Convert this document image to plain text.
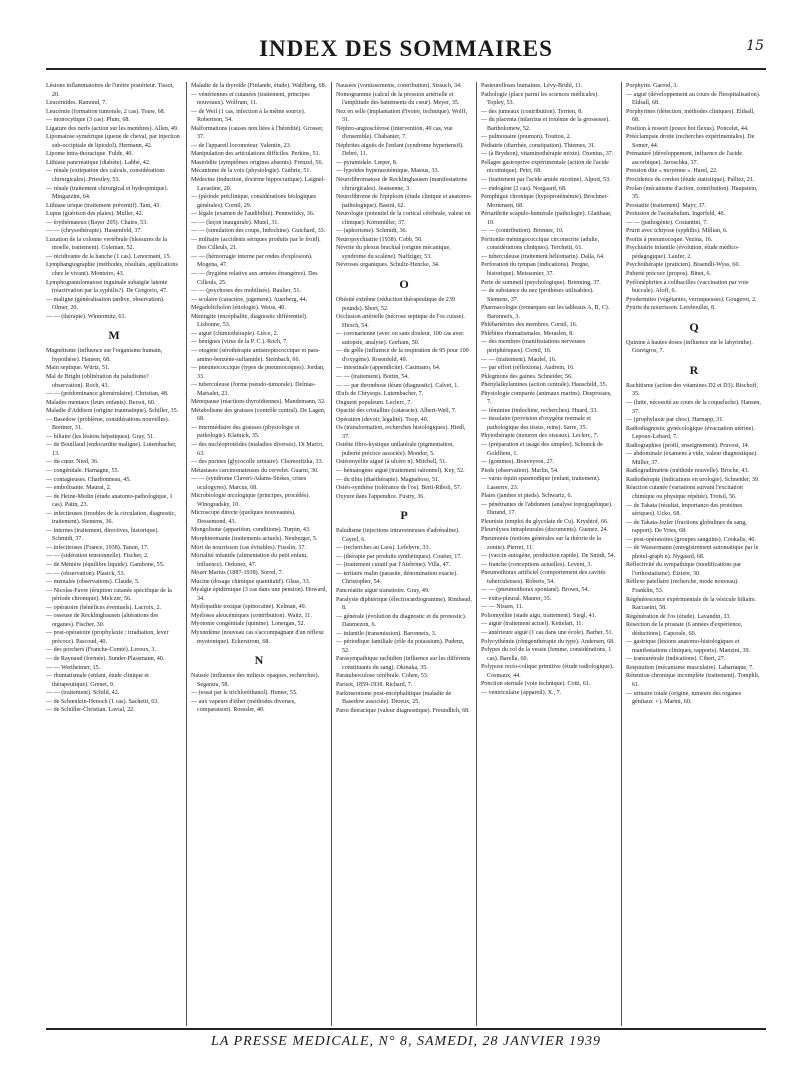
INDEX DES SOMMAIRES	15
Lésions inflammatoires de l'urètre postérieur. Tissot, 20.
Leucémides. Ramond, 7.
Leucémie (formation tumorale, 2 cas). Touw, 68.
— monocytique (3 cas). Plum, 68.
Ligature des nerfs (action sur les membres). Allen, 49.
Lipomatose symétrique (queue de cheval, par injection sub-occipitale de lipiodol). Hermann, 42.
Lipome intra-thoracique. Fulde, 40.
Lithiase pancréatique (diabète). Labbé, 42.
— rénale (extirpation des calculs, considérations chirurgicales). Priestley, 53.
— rénale (traitement chirurgical et hydropinique). Mingazzini, 64.
Lithiase urique (traitement préventif). Tant, 43.
Lupus (guérison des plaies). Muller, 42.
— érythémateux (Bayer 205). Chaies, 53.
— — (chrysothérapie). Hassenfeld, 37.
Luxation de la colonne vertébrale (blessures de la moelle, traitement). Coleman, 52.
— récidivante de la hanche (1 cas). Lenormant, 15.
Lymphangiographie (méthodes, résultats, applications chez le vivant). Monteiro, 43.
Lymphogranulomatose inguinale subaigüe latente (réactivation par la syphilis?). De Gregorio, 47.
— maligne (généralisation tardive, observation). Olmer, 20.
— — (thérapie). Wintermitz, 61.
M
Magnétisme (influence sur l'organisme humain, hypothèse). Hansen, 68.
Main septique. Würtz, 51.
Mal de Bright (oblitération du paludisme? observation). Roch, 43.
— — (prédominance glomérulaire). Christian, 48.
Malades mentaux (leurs enfants). Bersot, 60.
Maladie d'Addison (origine traumatique). Schiller, 35.
— Basedow (problème, considérations nouvelles). Brettner, 31.
— biliaire (les lésions hépatiques). Gray, 51.
— de Bouillaud (endocardite maligne). Lutembacher, 13.
— du cœur. Nied, 36.
— congénitale. Harnagne, 55.
— contagieuses. Charbonneau, 45.
— embolisante. Maurat, 2.
— de Heine-Medin (étude anatomo-pathologique, 1 cas). Patin, 23.
— infectieuses (troubles de la circulation, diagnostic, traitement). Siemens, 36.
— internes (traitement, directives, historique). Schmidt, 37.
— infectieuses (France, 1938). Tanon, 17.
— — (sidération tensionnelle). Fischer, 2.
— de Ménière (équilibre liquide). Gambone, 55.
— — (observation). Plasick, 53.
— mentales (observations). Claude, 5.
— Nicolas-Favre (éruption cutanée spécifique de la période chronique). Melczer, 56.
— opératoire (bénéfices éventuels). Lacroix, 2.
— osseuse de Recklinghausen (altérations des organes). Fischer, 30.
— post-opératoire (prophylaxie : irradiation, lever précoce). Pascoud, 40.
— des porchers (Franche-Comté). Leroux, 3.
— de Raynaud (formée). Sunder-Plassmann, 40.
— — Wertheimer, 15.
— rhumatismale (enfant, étude clinique et thérapeutique). Grenet, 9.
— — (traitement). Schild, 42.
— de Schœnlein-Henoch (1 cas). Sachetti, 63.
— de Schüller-Christian. Lavial, 22.
Maladie de la thyroïde (Finlande, étude). Wahlberg, 68.
— vénériennes et cutanées (traitement, principes nouveaux). Wolfram, 11.
— de Weil (1 cas, infection à la même source). Robertson, 54.
Malformations (causes non liées à l'hérédité). Grosser, 37.
— de l'appareil locomoteur. Valentin, 23.
Manipulation des articulations difficiles. Perkins, 51.
Mastoïdite (symptômes origines absents). Frenzel, 56.
Mécanisme de la voix (physiologie). Guthrie, 51.
Médecine (induction, doctrine hippocratique). Laignel-Lavastine, 20.
— (période préclinique, considérations biologiques générales). Cornil, 29.
— légale (examen de l'audibilité). Pennwitzky, 36.
— — (leçon inaugurale). Mutel, 31.
— — (simulation des coups, Indochine). Guichard, 33.
— militaire (accidents sériques produits par le froid). Des Cilleuls, 21.
— — (hémorragie interne par ondes d'explosion). Mogena, 47.
— — (hygiène relative aux armées étrangères). Des Cilleuls, 25.
— — (psychoses des mobilisés). Raulier, 51.
— scolaire (caractère, jugement). Auerberg, 44.
Mégadolicholon (étiologie). Weiss, 40.
Méningite (encéphalite, diagnostic différentiel). Lisbonne, 53.
— aiguë (chimiothérapie). Lièce, 2.
— bénignes (virus de la P. C.). Roch, 7.
— otogène (sérothérapie antistreptococcique et para-amino-benzène-sulfamide). Steinbach, 66.
— pneumococcique (types de pneumocoques). Jordan, 33.
— tuberculeuse (forme pseudo-tumorale). Delmas-Marsalet, 23.
Ménopause (réactions thyroïdiennes). Mandemann, 32.
Métabolisme des graisses (contrôle central). De Lagen, 68.
— intermédiaire des graisses (physiologie et pathologie). Klainick, 35.
— des nucléoprotéides (maladies diverses). Di Marco, 63.
— des purines (glycocolle urinaire). Chomoritzka, 33.
Métastases carcinomateuses du cervelet. Guarni, 30.
— — (syndrome Claveri-Adams-Stokes, crises oculogyres). Marcus, 68.
Microbiologie œcologique (principes, procédés). Winogradsky, 10.
Microscope directe (quelques nouveautés). Dessemond, 43.
Mongolisme (apparition, conditions). Turpin, 43.
Morphinomanie (traitements actuels). Neuberger, 5.
Mort du nourrisson (cas évitables). Fusslin, 37.
Mortalité infantile (alimentation du petit enfant, influence). Ordonez, 47.
Mozer Marius (1887-1938). Sorrel, 7.
Mucine (dosage chimique quantitatif). Glass, 33.
Myalgie épidémique (3 cas dans une pension). Howard, 34.
Myélopathie toxique (spinocaïne). Kelman, 49.
Myéloses aleucémiques (contribution). Waitz, 11.
Myotonie congénitale (quinine). Lonergan, 52.
Myxœdème (nouveau cas s'accompagnant d'un réflexe myotonique). Eckerstrom, 68.
N
Nausée (influence des milieux opaques, recherches). Segarara, 58.
— (essai par le trichloréthanol). Hunter, 55.
— aux vapeurs d'éther (méthodes diverses, comparaison). Roessler, 40.
Nausées (vomissements, contribution). Strauch, 34.
Nomogramme (calcul de la pression artérielle et l'amplitude des battements du cœur). Meyer, 35.
Nez en selle (implantation d'ivoire, technique). Wolff, 31.
Néphro-angiosclérose (intervention, 49 cas, vue d'ensemble). Chabanier, 7.
Néphrites aiguës de l'enfant (syndrome hypertensif). Debré, 11.
— pyramidale. Lœper, 8.
— lypoïdes hyperazotémique. Masius, 33.
Neurofibromatose de Recklinghausen (manifestations chirurgicales). Jeansenne, 3.
Neurofibrome de l'épiploon (étude clinique et anatomo-pathologique). Basini, 62.
Neurologie (potentiel de la cortical cérébrale, valeur en clinique). Kornmüller, 37.
— (aphorisme). Schmidt, 36.
Neuropsychiatrie (1938). Cobb, 50.
Névrite du plexus brachial (origine mécanique, syndrome du scalène). Naffziger, 53.
Névroses organiques. Schultz-Hencke, 34.
O
Obésité extrême (réduction thérapeutique de 239 pounds). Short, 52.
Occlusion artérielle (nécrose septique de l'os cuisse). Hirsch, 54.
— coronarienne (avec ou sans douleur, 100 cas avec autopsie, analyse). Gorham, 50.
— du grêle (influence de la respiration de 95 pour 100 d'oxygène). Rosenfeld, 49.
— intestinale (appendicite). Casimano, 64.
— — (traitement). Bottin, 54.
— — par thrombose iléum (diagnostic). Calvet, 1.
Œufs de Chrysops. Lutembacher, 7.
Onguent populeum. Leclerc, 7.
Opacité des cristallins (cataracte). Albert-Weil, 7.
Opération (devoir, légalité). Toop, 40.
Os (transformation, recherches histologiques). Hiedl, 37.
Ostéite fibro-kystique unilatérale (pigmentation, puberté précoce associée). Mondor, 5.
Ostéomyélite aiguë (à ulcère n). Mitchell, 51.
— hématogène aiguë (traitement rationnel). Key, 52.
— du tibia (diaéthérapie). Magnaboso, 51.
Ostéo-synthèse (tolérance de l'os). Berti-Riboli, 57.
Oxyure dans l'appendice. Fustry, 36.
P
Paludisme (injections intraveineuses d'adrénaline). Cayrel, 6.
— (recherches au Laos). Lefebvre, 33.
— (thérapie par produits synthétiques). Coutier, 17.
— (traitement curatif par l'Atebrine). Villa, 47.
— tertiaire malin (parasite, dénomination exacte). Christopher, 54.
Pancréatite aiguë transitoire. Gray, 49.
Paralysie diphtérique (électrocardiogramme). Rimbaud, 8.
— générale (évolution du diagnostic et du pronostic). Daumezon, 6.
— infantile (transmission). Baronneix, 3.
— périodique familiale (rôle du potassium). Pudenz, 52.
Parasympathique rachidien (influence sur les différents constituants du sang). Okinaka, 35.
Paratuberculose cérébrale. Cohen, 53.
Parisot, 1859-1938. Richard, 7.
Parkinsonisme post-encéphalitique (maladie de Basedow associée). Dereux, 25.
Paroi thoracique (valeur diagnostique). Freundlich, 68.
Pasteurelloses humaines. Lévy-Bruhl, 11.
Pathologie (place parmi les sciences médicales). Topley, 53.
— des jumeaux (contribution). Terrien, 8.
— du placenta (infarctus et toxémie de la grossesse). Bartholomew, 52.
— pulmonaire (poumon). Touttou, 2.
Pédiatrie (diarrhée, constipation). Thiemes, 31.
— (à Brydson), vitaminothérapie mixte). Oxenius, 37.
Pellagre gastroprive expérimentale (action de l'acide nicotinique). Petri, 68.
— (traitement par l'acide amide nicotine). Alport, 53.
— endogène (2 cas). Norgaard, 68.
Pemphigus chronique (hypoprotéinémie). Brochner-Mortensen, 68.
Périarthrite scapulo-humérale (pathologie). Glatthaar, 10.
— — (contribution). Bronner, 10.
Péritonite méningococcique circonscrite (adulte, considérations cliniques). Terchetti, 61.
— tuberculeuse (traitement héliomarin). Dalla, 64.
Perforation du tympan (indications). Pergne, historique). Meissonier, 37.
Perte de sommeil (psychologique). Brenning, 37.
— de substance du nez (prothèses utilisables). Siemens, 37.
Pharmacologie (remarques sur les tableaux A, B, C). Baronneix, 3.
Phlébartérites des membres. Cornil, 16.
Phlébites rhumatismales. Meraslen, 8.
— des membres (manifestations nerveuses périphériques). Cornil, 16.
— — (traitement). Maufel, 16.
— par effort (réflexions). Audrein, 16.
Phlegmons des gaines. Schneider, 56.
Phénylalkylamines (action centrale). Hauschild, 35.
Physiologie comparée (animaux marins). Desprosses, 7.
— féminine (indochine, recherches). Huard, 33.
— tissulaire (provision d'oxygène normale et pathologique des tissus, reins). Sarre, 35.
Phytothérapie (mouron des oiseaux). Leclerc, 7.
— (préparation et usage des simples). Schunck de Goldfiem, 1.
— (gommes). Bouveyron, 27.
Pieds (observation). Marlin, 54.
— varus équin spasmodique (enfant, traitement). Lasserre, 23.
Plaies (jambes et pieds). Schwartz, 6.
— pénétrantes de l'abdomen (analyse topographique). Durand, 17.
Pleurésie (emploi du glycolate de Cu). Kryshtof, 66.
Pleurolyses intrapleurales (documents). Guenez, 24.
Pneumonie (notions générales sur la théorie de la zonite). Pierret, 11.
— (vaccin autogène, production rapide). De Smidt, 54.
— franche (conceptions actuelles). Levent, 3.
Pneumothorax artificiel (comportement des cavités tuberculeuses). Roberts, 54.
— — (pneumothorax spontané). Brown, 54.
— extra-pleural. Maurer, 35.
— — Nissen, 11.
Poliomyélite (stade aigu, traitement). Siegl, 41.
— aiguë (traitement actuel). Kettelart, 11.
— antérieure aiguë (1 cas dans une école). Barber, 51.
Polycythémie (röntgenthérapie du type). Andersen, 68.
Polypes du col de la vessie (femme, considérations, 1 cas). Barella, 60.
Polypose recto-colique primitive (étude radiologique). Cosmaux, 44.
Ponction sternale (voie technique). Cotti, 61.
— ventriculaire (appareil). X., 7.
Porphyrie. Garrod, 3.
— aiguë (développement au cours de l'hospitalisation). Eldsall, 68.
Porphyrines (détection, méthodes cliniques). Eldsall, 68.
Position à ressort (pouce bot flexus). Poncelet, 44.
Prééclampsie droite (recherches expérimentales). De Somer, 44.
Prématuré (développement, influence de l'acide ascorbique). Jaroschka, 37.
Pression dite « moyenne ». Harel, 22.
Procidence du cordon (étude statistique). Palliez, 21.
Prolan (mécanisme d'action, contribution). Haupstein, 35.
Prostatite (traitement). Mayr, 37.
Protusion de l'acétabulum. Ingerfeld, 40.
— — (pathogénie). Costantini, 7.
Prurit avec ichtyose (syphilis). Millian, 6.
Psoïtis à pneumocoque. Vezina, 16.
Psychiatrie infantile (évolution, étude médico-pédagogique). Laufer, 2.
Psychothérapie (praticien). Braendli-Wyss, 60.
Puberté précoce (propos). Binet, 6.
Pyélonéphrites à colibacilles (vaccination par voie buccale). Aloff, 6.
Pyodermites (végétantes, verruqueuses). Gougerot, 2.
Pyurie du nourrisson. Lereboullet, 8.
Q
Quinine à hautes doses (influence sur le labyrinthe). Gravigros, 7.
R
Rachitisme (action des vitamines D2 et D3). Bischoff, 35.
— (lutte, nécessité au cours de la coqueluche). Hansen, 37.
— (prophylaxie par choc). Harnapp, 31.
Radiodiagnostic gynécologique (évacuation utérine). Lepoux-Lebard, 7.
Radiographies (profil, enseignement). Pruvost, 14.
— abdominale (examens à vide, valeur diagnostique). Müller, 37.
Radiogradimétrie (méthode nouvelle). Broche, 43.
Radiothérapie (indications en urologie). Schneider, 39.
Réaction cutanée (variations suivant l'excitation chimique ou physique répétée). Trotsil, 56.
— de Takata (résultat, importance des protéines sériques). Ucko, 68.
— de Takata-Jezler (fractions globulines du sang, rapport). De Vries, 68.
— post-opératoires (groupes sanguins). Cookalis, 40.
— de Wassermann (enregistrement automatique par le photel-graph n). Nygaard, 68.
Réflectivité du sympathique (modifications par l'orthostatisme). Eiziere, 30.
Réflexe patellaire (recherche, mode nouveau). Franklin, 53.
Régénérescence expérimentale de la vésicule biliaire. Raccaeini, 58.
Régénération de l'os (étude). Lavandin, 33.
Résection de la prostate (6 années d'expérience, déductions). Caporale, 60.
— gastrique (lésions anatomo-histologiques et manifestations cliniques, rapports). Manzini, 39.
— transurétrale (indications). Cibert, 27.
Respiration (mécanisme musculaire). Labarraque, 7.
Rétention chronique incomplète (traitement). Tomphli, 61.
— urinaire totale (origine, tumeurs des organes génitaux ♀). Marini, 60.
LA PRESSE MEDICALE, N° 8, SAMEDI, 28 JANVIER 1939
